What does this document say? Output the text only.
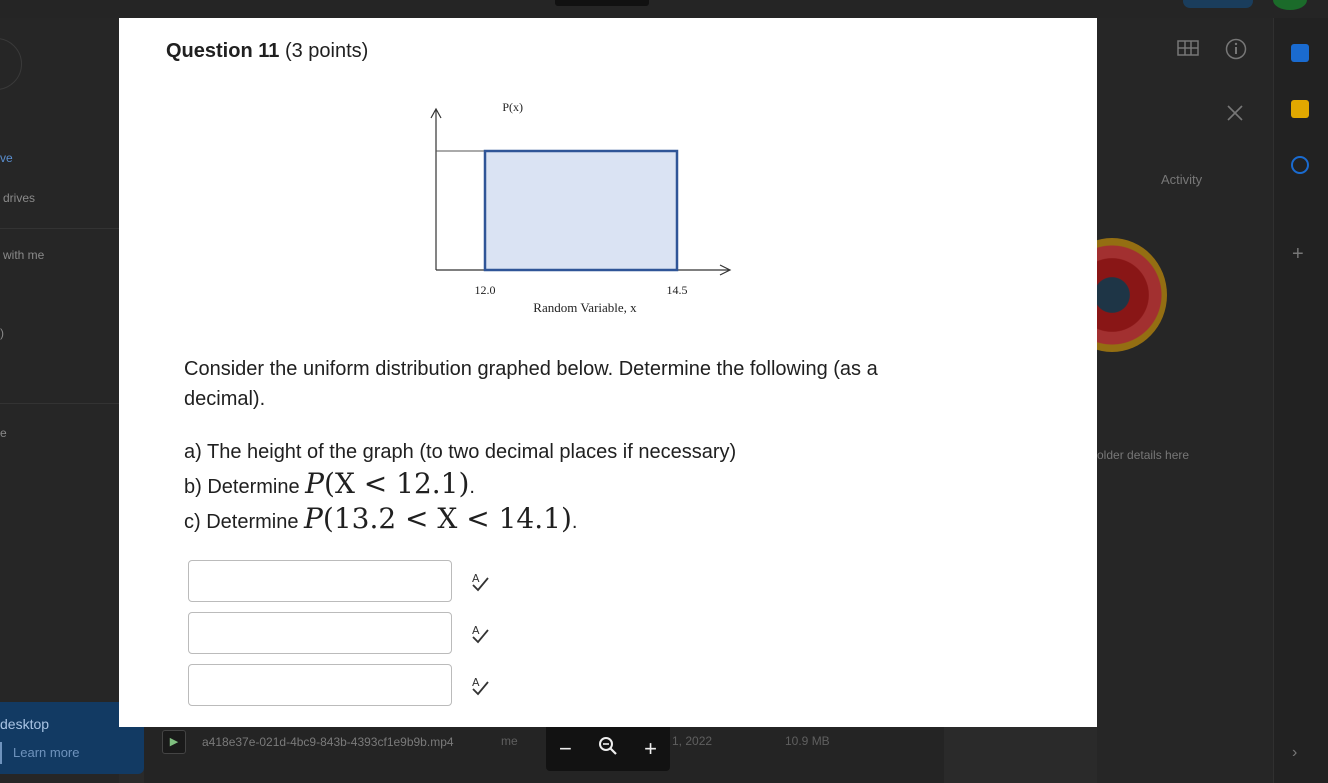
ve
drives
with me
)
e
desktop
Learn more
Activity
older details here
+
▶	a418e37e-021d-4bc9-843b-4393cf1e9b9b.mp4	me	1, 2022	10.9 MB
›
Question 11 (3 points)
P(x)
12.0	14.5
Random Variable, x
Consider the uniform distribution graphed below. Determine the following (as a decimal).
a) The height of the graph (to two decimal places if necessary)
b) Determine P(X < 12.1).
c) Determine P(13.2 < X < 14.1).
A
A
A
−	+
